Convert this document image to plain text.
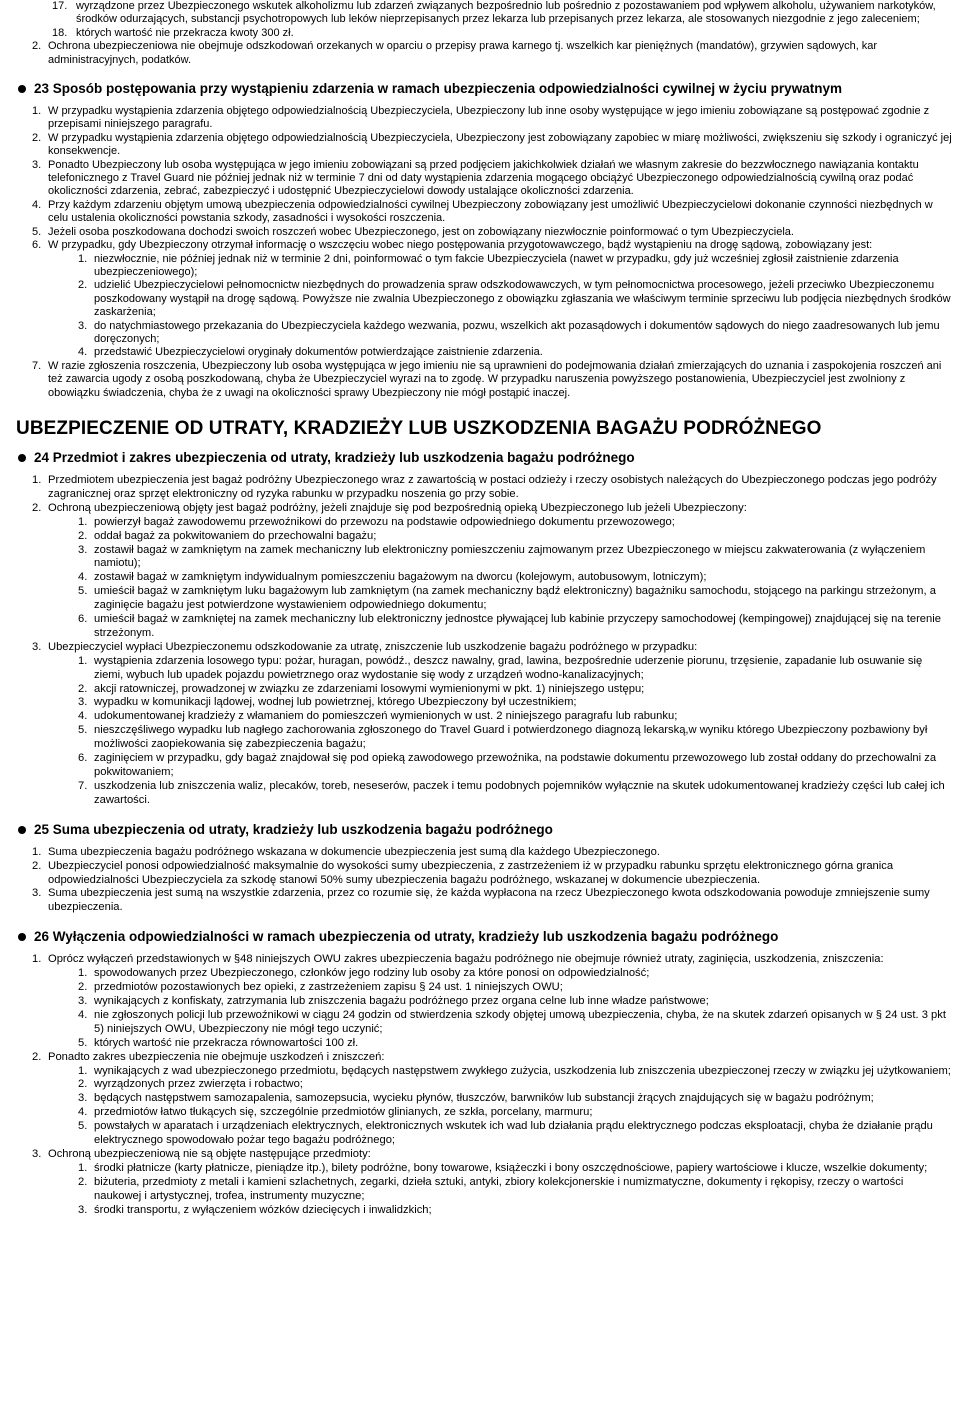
17. wyrządzone przez Ubezpieczonego wskutek alkoholizmu lub zdarzeń związanych bezpośrednio lub pośrednio z pozostawaniem pod wpływem alkoholu, używaniem narkotyków, środków odurzających, substancji psychotropowych lub leków nieprzepisanych przez lekarza lub przepisanych przez lekarza, ale stosowanych niezgodnie z jego zaleceniem;
18. których wartość nie przekracza kwoty 300 zł.
2. Ochrona ubezpieczeniowa nie obejmuje odszkodowań orzekanych w oparciu o przepisy prawa karnego tj. wszelkich kar pieniężnych (mandatów), grzywien sądowych, kar administracyjnych, podatków.
23 Sposób postępowania przy wystąpieniu zdarzenia w ramach ubezpieczenia odpowiedzialności cywilnej w życiu prywatnym
1. W przypadku wystąpienia zdarzenia objętego odpowiedzialnością Ubezpieczyciela, Ubezpieczony lub inne osoby występujące w jego imieniu zobowiązane są postępować zgodnie z przepisami niniejszego paragrafu.
2. W przypadku wystąpienia zdarzenia objętego odpowiedzialnością Ubezpieczyciela, Ubezpieczony jest zobowiązany zapobiec w miarę możliwości, zwiększeniu się szkody i ograniczyć jej konsekwencje.
3. Ponadto Ubezpieczony lub osoba występująca w jego imieniu zobowiązani są przed podjęciem jakichkolwiek działań we własnym zakresie do bezzwłocznego nawiązania kontaktu telefonicznego z Travel Guard nie później jednak niż w terminie 7 dni od daty wystąpienia zdarzenia mogącego obciążyć Ubezpieczonego odpowiedzialnością cywilną oraz podać okoliczności zdarzenia, zebrać, zabezpieczyć i udostępnić Ubezpieczycielowi dowody ustalające okoliczności zdarzenia.
4. Przy każdym zdarzeniu objętym umową ubezpieczenia odpowiedzialności cywilnej Ubezpieczony zobowiązany jest umożliwić Ubezpieczycielowi dokonanie czynności niezbędnych w celu ustalenia okoliczności powstania szkody, zasadności i wysokości roszczenia.
5. Jeżeli osoba poszkodowana dochodzi swoich roszczeń wobec Ubezpieczonego, jest on zobowiązany niezwłocznie poinformować o tym Ubezpieczyciela.
6. W przypadku, gdy Ubezpieczony otrzymał informację o wszczęciu wobec niego postępowania przygotowawczego, bądź wystąpieniu na drogę sądową, zobowiązany jest:
1. niezwłocznie, nie później jednak niż w terminie 2 dni, poinformować o tym fakcie Ubezpieczyciela (nawet w przypadku, gdy już wcześniej zgłosił zaistnienie zdarzenia ubezpieczeniowego);
2. udzielić Ubezpieczycielowi pełnomocnictw niezbędnych do prowadzenia spraw odszkodowawczych, w tym pełnomocnictwa procesowego, jeżeli przeciwko Ubezpieczonemu poszkodowany wystąpił na drogę sądową. Powyższe nie zwalnia Ubezpieczonego z obowiązku zgłaszania we właściwym terminie sprzeciwu lub podjęcia niezbędnych środków zaskarżenia;
3. do natychmiastowego przekazania do Ubezpieczyciela każdego wezwania, pozwu, wszelkich akt pozasądowych i dokumentów sądowych do niego zaadresowanych lub jemu doręczonych;
4. przedstawić Ubezpieczycielowi oryginały dokumentów potwierdzające zaistnienie zdarzenia.
7. W razie zgłoszenia roszczenia, Ubezpieczony lub osoba występująca w jego imieniu nie są uprawnieni do podejmowania działań zmierzających do uznania i zaspokojenia roszczeń ani też zawarcia ugody z osobą poszkodowaną, chyba że Ubezpieczyciel wyrazi na to zgodę. W przypadku naruszenia powyższego postanowienia, Ubezpieczyciel jest zwolniony z obowiązku świadczenia, chyba że z uwagi na okoliczności sprawy Ubezpieczony nie mógł postąpić inaczej.
UBEZPIECZENIE OD UTRATY, KRADZIEŻY LUB USZKODZENIA BAGAŻU PODRÓŻNEGO
24 Przedmiot i zakres ubezpieczenia od utraty, kradzieży lub uszkodzenia bagażu podróżnego
1. Przedmiotem ubezpieczenia jest bagaż podróżny Ubezpieczonego wraz z zawartością w postaci odzieży i rzeczy osobistych należących do Ubezpieczonego podczas jego podróży zagranicznej oraz sprzęt elektroniczny od ryzyka rabunku w przypadku noszenia go przy sobie.
2. Ochroną ubezpieczeniową objęty jest bagaż podróżny, jeżeli znajduje się pod bezpośrednią opieką Ubezpieczonego lub jeżeli Ubezpieczony:
1. powierzył bagaż zawodowemu przewoźnikowi do przewozu na podstawie odpowiedniego dokumentu przewozowego;
2. oddał bagaż za pokwitowaniem do przechowalni bagażu;
3. zostawił bagaż w zamkniętym na zamek mechaniczny lub elektroniczny pomieszczeniu zajmowanym przez Ubezpieczonego w miejscu zakwaterowania (z wyłączeniem namiotu);
4. zostawił bagaż w zamkniętym indywidualnym pomieszczeniu bagażowym na dworcu (kolejowym, autobusowym, lotniczym);
5. umieścił bagaż w zamkniętym luku bagażowym lub zamkniętym (na zamek mechaniczny bądź elektroniczny) bagażniku samochodu, stojącego na parkingu strzeżonym, a zaginięcie bagażu jest potwierdzone wystawieniem odpowiedniego dokumentu;
6. umieścił bagaż w zamkniętej na zamek mechaniczny lub elektroniczny jednostce pływającej lub kabinie przyczepy samochodowej (kempingowej) znajdującej się na terenie strzeżonym.
3. Ubezpieczyciel wypłaci Ubezpieczonemu odszkodowanie za utratę, zniszczenie lub uszkodzenie bagażu podróżnego w przypadku:
1. wystąpienia zdarzenia losowego typu: pożar, huragan, powódź., deszcz nawalny, grad, lawina, bezpośrednie uderzenie piorunu, trzęsienie, zapadanie lub osuwanie się ziemi, wybuch lub upadek pojazdu powietrznego oraz wydostanie się wody z urządzeń wodno-kanalizacyjnych;
2. akcji ratowniczej, prowadzonej w związku ze zdarzeniami losowymi wymienionymi w pkt. 1) niniejszego ustępu;
3. wypadku w komunikacji lądowej, wodnej lub powietrznej, którego Ubezpieczony był uczestnikiem;
4. udokumentowanej kradzieży z włamaniem do pomieszczeń wymienionych w ust. 2 niniejszego paragrafu lub rabunku;
5. nieszczęśliwego wypadku lub nagłego zachorowania zgłoszonego do Travel Guard i potwierdzonego diagnozą lekarską,w wyniku którego Ubezpieczony pozbawiony był możliwości zaopiekowania się zabezpieczenia bagażu;
6. zaginięciem w przypadku, gdy bagaż znajdował się pod opieką zawodowego przewoźnika, na podstawie dokumentu przewozowego lub został oddany do przechowalni za pokwitowaniem;
7. uszkodzenia lub zniszczenia waliz, plecaków, toreb, neseserów, paczek i temu podobnych pojemników wyłącznie na skutek udokumentowanej kradzieży części lub całej ich zawartości.
25 Suma ubezpieczenia od utraty, kradzieży lub uszkodzenia bagażu podróżnego
1. Suma ubezpieczenia bagażu podróżnego wskazana w dokumencie ubezpieczenia jest sumą dla każdego Ubezpieczonego.
2. Ubezpieczyciel ponosi odpowiedzialność maksymalnie do wysokości sumy ubezpieczenia, z zastrzeżeniem iż w przypadku rabunku sprzętu elektronicznego górna granica odpowiedzialności Ubezpieczyciela za szkodę stanowi 50% sumy ubezpieczenia bagażu podróżnego, wskazanej w dokumencie ubezpieczenia.
3. Suma ubezpieczenia jest sumą na wszystkie zdarzenia, przez co rozumie się, że każda wypłacona na rzecz Ubezpieczonego kwota odszkodowania powoduje zmniejszenie sumy ubezpieczenia.
26 Wyłączenia odpowiedzialności w ramach ubezpieczenia od utraty, kradzieży lub uszkodzenia bagażu podróżnego
1. Oprócz wyłączeń przedstawionych w §48 niniejszych OWU zakres ubezpieczenia bagażu podróżnego nie obejmuje również utraty, zaginięcia, uszkodzenia, zniszczenia:
1. spowodowanych przez Ubezpieczonego, członków jego rodziny lub osoby za które ponosi on odpowiedzialność;
2. przedmiotów pozostawionych bez opieki, z zastrzeżeniem zapisu § 24 ust. 1 niniejszych OWU;
3. wynikających z konfiskaty, zatrzymania lub zniszczenia bagażu podróżnego przez organa celne lub inne władze państwowe;
4. nie zgłoszonych policji lub przewoźnikowi w ciągu 24 godzin od stwierdzenia szkody objętej umową ubezpieczenia, chyba, że na skutek zdarzeń opisanych w § 24 ust. 3 pkt 5) niniejszych OWU, Ubezpieczony nie mógł tego uczynić;
5. których wartość nie przekracza równowartości 100 zł.
2. Ponadto zakres ubezpieczenia nie obejmuje uszkodzeń i zniszczeń:
1. wynikających z wad ubezpieczonego przedmiotu, będących następstwem zwykłego zużycia, uszkodzenia lub zniszczenia ubezpieczonej rzeczy w związku jej użytkowaniem;
2. wyrządzonych przez zwierzęta i robactwo;
3. będących następstwem samozapalenia, samozepsucia, wycieku płynów, tłuszczów, barwników lub substancji żrących znajdujących się w bagażu podróżnym;
4. przedmiotów łatwo tłukących się, szczególnie przedmiotów glinianych, ze szkła, porcelany, marmuru;
5. powstałych w aparatach i urządzeniach elektrycznych, elektronicznych wskutek ich wad lub działania prądu elektrycznego podczas eksploatacji, chyba że działanie prądu elektrycznego spowodowało pożar tego bagażu podróżnego;
3. Ochroną ubezpieczeniową nie są objęte następujące przedmioty:
1. środki płatnicze (karty płatnicze, pieniądze itp.), bilety podróżne, bony towarowe, książeczki i bony oszczędnościowe, papiery wartościowe i klucze, wszelkie dokumenty;
2. biżuteria, przedmioty z metali i kamieni szlachetnych, zegarki, dzieła sztuki, antyki, zbiory kolekcjonerskie i numizmatyczne, dokumenty i rękopisy, rzeczy o wartości naukowej i artystycznej, trofea, instrumenty muzyczne;
3. środki transportu, z wyłączeniem wózków dziecięcych i inwalidzkich;
